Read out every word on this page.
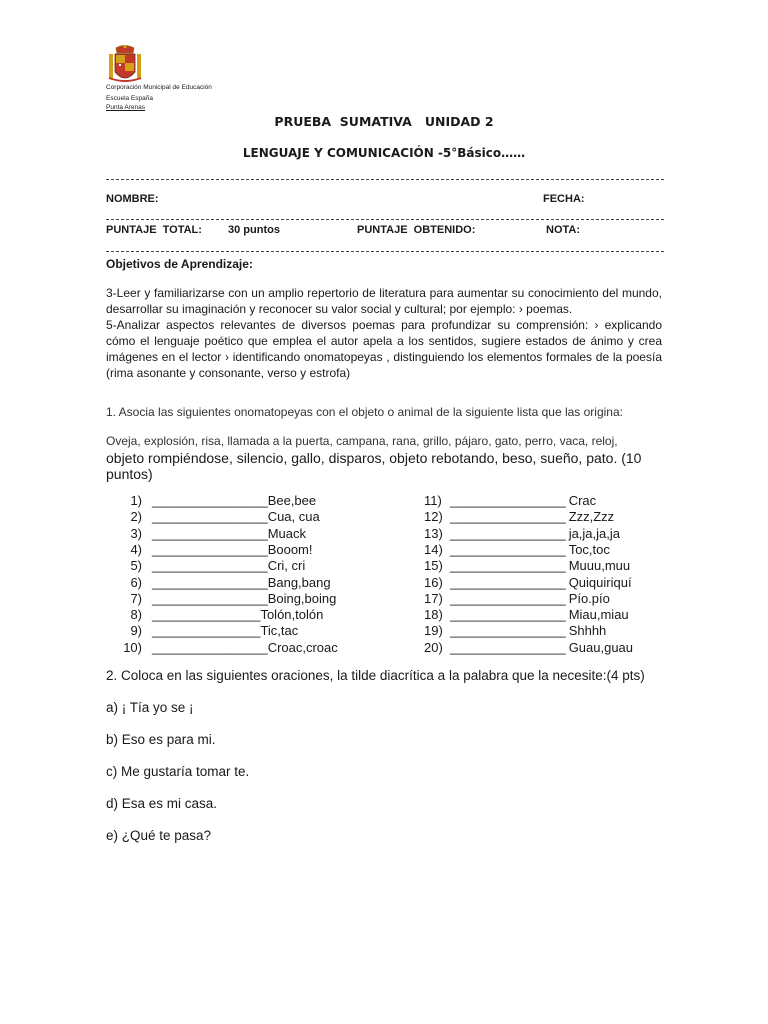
Corporación Municipal de Educación
Escuela España
Punta Arenas
PRUEBA  SUMATIVA   UNIDAD 2
LENGUAJE Y COMUNICACIÓN -5°Básico……
NOMBRE:	FECHA:
PUNTAJE  TOTAL: 30 puntos	PUNTAJE  OBTENIDO:	NOTA:
Objetivos de Aprendizaje:
3-Leer y familiarizarse con un amplio repertorio de literatura para aumentar su conocimiento del mundo, desarrollar su imaginación y reconocer su valor social y cultural; por ejemplo: › poemas.
5-Analizar aspectos relevantes de diversos poemas para profundizar su comprensión: › explicando cómo el lenguaje poético que emplea el autor apela a los sentidos, sugiere estados de ánimo y crea imágenes en el lector › identificando onomatopeyas , distinguiendo los elementos formales de la poesía (rima asonante y consonante, verso y estrofa)
1. Asocia las siguientes onomatopeyas con el objeto o animal de la siguiente lista que las origina:
Oveja, explosión, risa, llamada a la puerta, campana, rana, grillo, pájaro, gato, perro, vaca, reloj,
objeto rompiéndose, silencio, gallo, disparos, objeto rebotando, beso, sueño, pato. (10 puntos)
1) ________________Bee,bee
2) ________________Cua, cua
3) ________________Muack
4) ________________Booom!
5) ________________Cri, cri
6) ________________Bang,bang
7) ________________Boing,boing
8) _______________Tolón,tolón
9) _______________Tic,tac
10) ________________Croac,croac
11) ________________ Crac
12) ________________ Zzz,Zzz
13) ________________ ja,ja,ja,ja
14) ________________ Toc,toc
15) ________________ Muuu,muu
16) ________________ Quiquiriquí
17) ________________ Pío.pío
18) ________________ Miau,miau
19) ________________ Shhhh
20) ________________ Guau,guau
2. Coloca en las siguientes oraciones, la tilde diacrítica a la palabra que la necesite:(4 pts)
a) ¡ Tía yo se ¡
b) Eso es para mi.
c) Me gustaría tomar te.
d) Esa es mi casa.
e) ¿Qué te pasa?
